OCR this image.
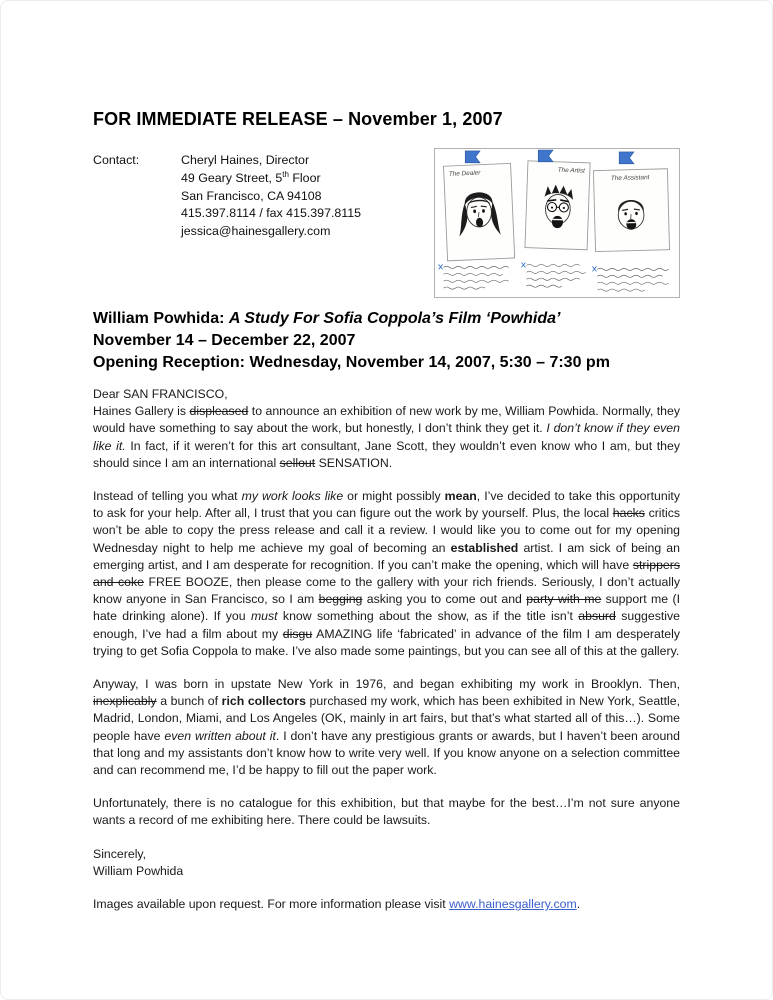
FOR IMMEDIATE RELEASE – November 1, 2007
Contact:	Cheryl Haines, Director
49 Geary Street, 5th Floor
San Francisco, CA 94108
415.397.8114 / fax 415.397.8115
jessica@hainesgallery.com
The Dealer	The Artist
The Assistant
William Powhida: A Study For Sofia Coppola’s Film ‘Powhida’
November 14 – December 22, 2007
Opening Reception: Wednesday, November 14, 2007, 5:30 – 7:30 pm

Dear SAN FRANCISCO,
Haines Gallery is displeased to announce an exhibition of new work by me, William Powhida. Normally, they would have something to say about the work, but honestly, I don’t think they get it. I don’t know if they even like it. In fact, if it weren’t for this art consultant, Jane Scott, they wouldn’t even know who I am, but they should since I am an international sellout SENSATION.

Instead of telling you what my work looks like or might possibly mean, I’ve decided to take this opportunity to ask for your help. After all, I trust that you can figure out the work by yourself. Plus, the local hacks critics won’t be able to copy the press release and call it a review. I would like you to come out for my opening Wednesday night to help me achieve my goal of becoming an established artist. I am sick of being an emerging artist, and I am desperate for recognition. If you can’t make the opening, which will have strippers and coke FREE BOOZE, then please come to the gallery with your rich friends. Seriously, I don’t actually know anyone in San Francisco, so I am begging asking you to come out and party with me support me (I hate drinking alone). If you must know something about the show, as if the title isn’t absurd suggestive enough, I’ve had a film about my disgu AMAZING life ‘fabricated’ in advance of the film I am desperately trying to get Sofia Coppola to make. I’ve also made some paintings, but you can see all of this at the gallery.

Anyway, I was born in upstate New York in 1976, and began exhibiting my work in Brooklyn. Then, inexplicably a bunch of rich collectors purchased my work, which has been exhibited in New York, Seattle, Madrid, London, Miami, and Los Angeles (OK, mainly in art fairs, but that’s what started all of this…). Some people have even written about it. I don’t have any prestigious grants or awards, but I haven’t been around that long and my assistants don’t know how to write very well. If you know anyone on a selection committee and can recommend me, I’d be happy to fill out the paper work.

Unfortunately, there is no catalogue for this exhibition, but that maybe for the best…I’m not sure anyone wants a record of me exhibiting here. There could be lawsuits.

Sincerely,
William Powhida

Images available upon request. For more information please visit www.hainesgallery.com.
